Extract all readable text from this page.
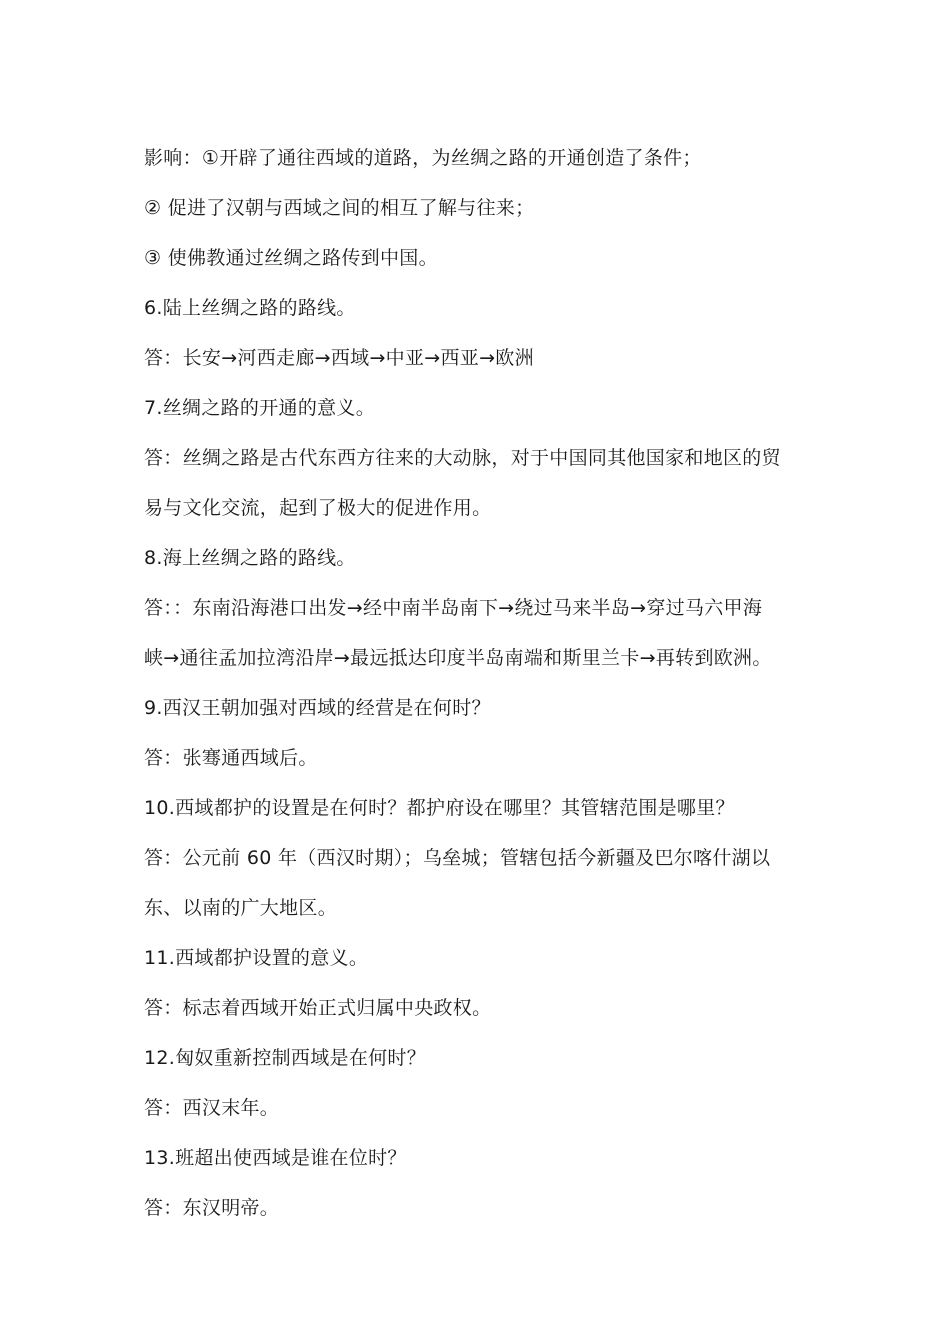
影响：①开辟了通往西域的道路，为丝绸之路的开通创造了条件；
② 促进了汉朝与西域之间的相互了解与往来；
③ 使佛教通过丝绸之路传到中国。
6.陆上丝绸之路的路线。
答：长安→河西走廊→西域→中亚→西亚→欧洲
7.丝绸之路的开通的意义。
答：丝绸之路是古代东西方往来的大动脉，对于中国同其他国家和地区的贸
易与文化交流，起到了极大的促进作用。
8.海上丝绸之路的路线。
答：：东南沿海港口出发→经中南半岛南下→绕过马来半岛→穿过马六甲海
峡→通往孟加拉湾沿岸→最远抵达印度半岛南端和斯里兰卡→再转到欧洲。
9.西汉王朝加强对西域的经营是在何时？
答：张骞通西域后。
10.西域都护的设置是在何时？都护府设在哪里？其管辖范围是哪里？
答：公元前 60 年（西汉时期）；乌垒城；管辖包括今新疆及巴尔喀什湖以
东、以南的广大地区。
11.西域都护设置的意义。
答：标志着西域开始正式归属中央政权。
12.匈奴重新控制西域是在何时？
答：西汉末年。
13.班超出使西域是谁在位时？
答：东汉明帝。
